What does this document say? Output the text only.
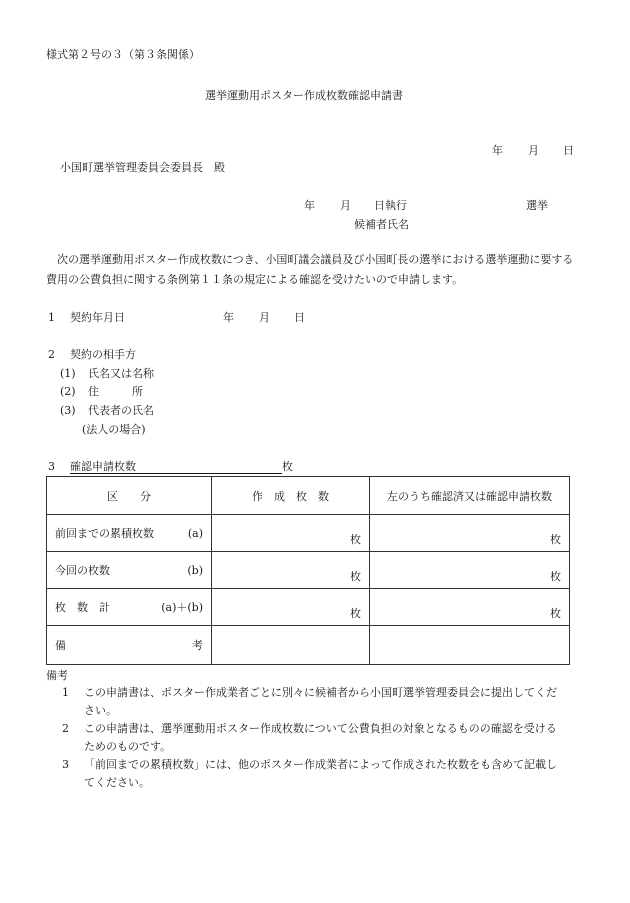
様式第２号の３（第３条関係）
選挙運動用ポスター作成枚数確認申請書
年 月 日
小国町選挙管理委員会委員長　殿
年 月 日執行	選挙
候補者氏名
次の選挙運動用ポスター作成枚数につき、小国町議会議員及び小国町長の選挙における選挙運動に要する費用の公費負担に関する条例第１１条の規定による確認を受けたいので申請します。
1 契約年月日	年 月 日
2 契約の相手方
(1) 氏名又は名称
(2) 住　　　所
(3) 代表者の氏名
(法人の場合)
3 確認申請枚数	枚
区　　分	作　成　枚　数	左のうち確認済又は確認申請枚数

前回までの累積枚数 (a)	枚	枚

今回の枚数 (b)	枚	枚

枚　数　計 (a)＋(b)	枚	枚

備 考		

備考
1 この申請書は、ポスター作成業者ごとに別々に候補者から小国町選挙管理委員会に提出してください。
2 この申請書は、選挙運動用ポスター作成枚数について公費負担の対象となるものの確認を受けるためのものです。
3 「前回までの累積枚数」には、他のポスター作成業者によって作成された枚数をも含めて記載してください。
